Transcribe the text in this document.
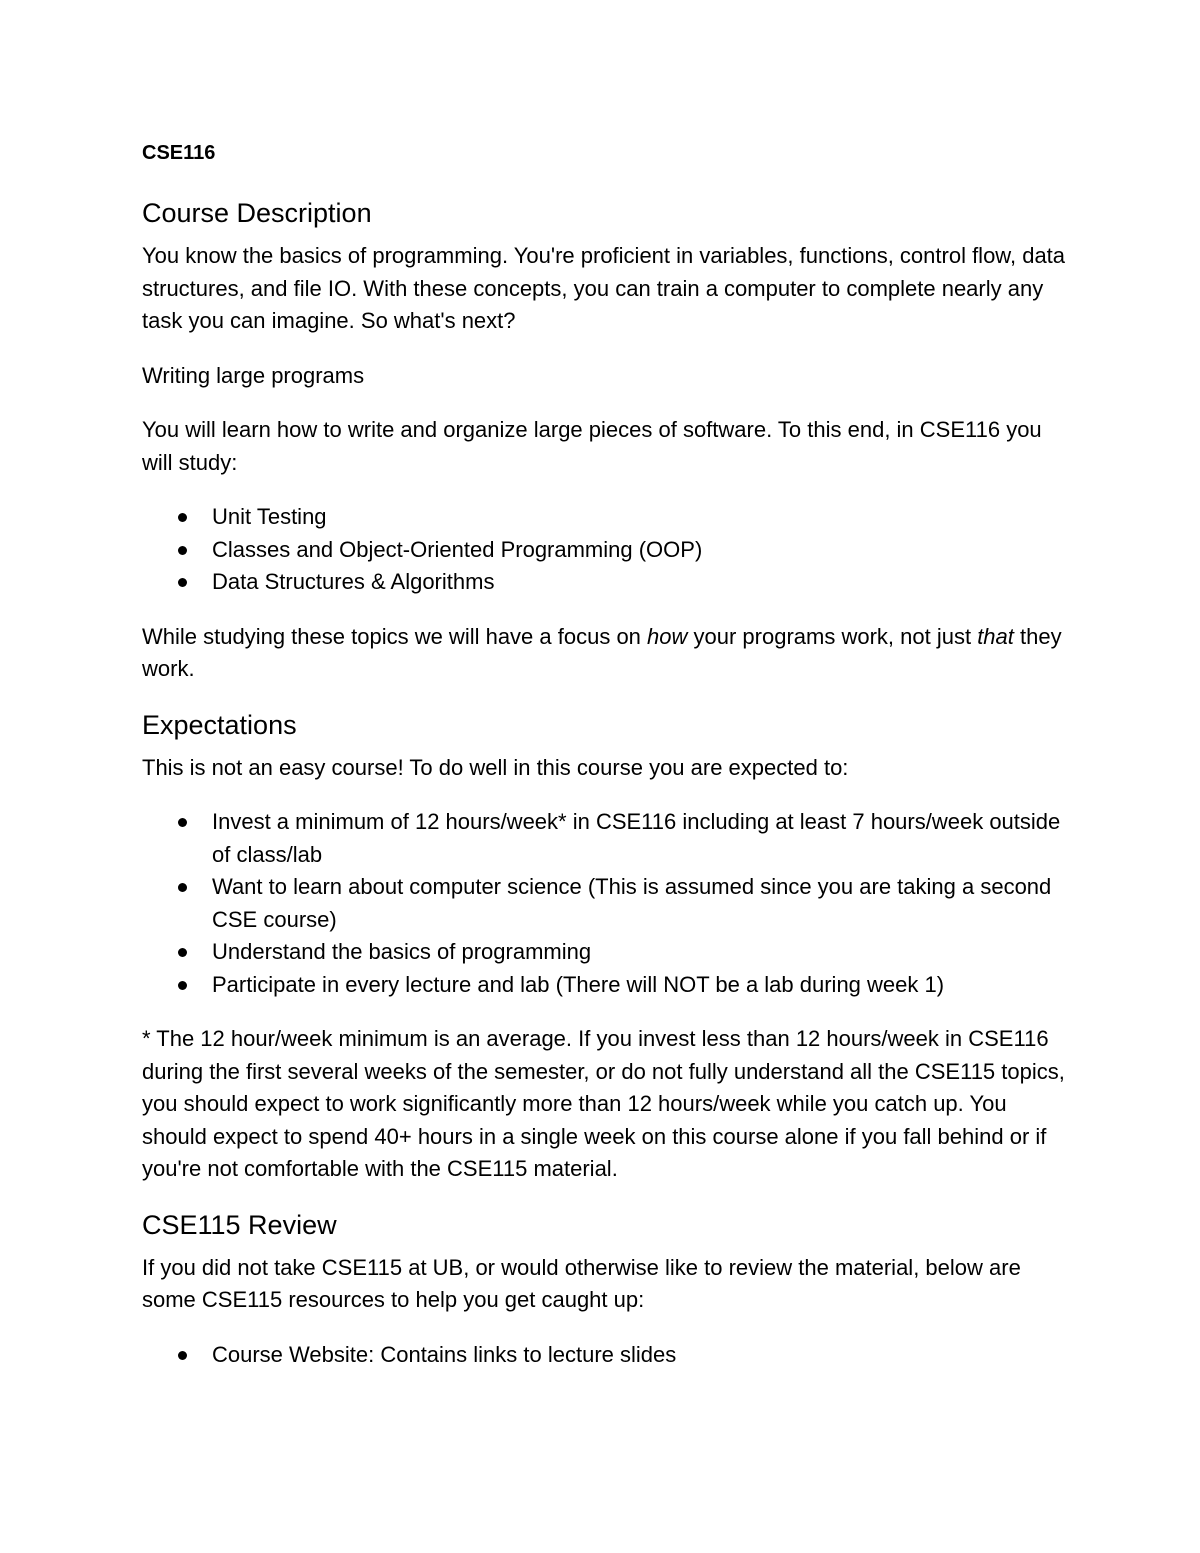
CSE116
Course Description

You know the basics of programming. You're proficient in variables, functions, control flow, data structures, and file IO. With these concepts, you can train a computer to complete nearly any task you can imagine. So what's next?

Writing large programs

You will learn how to write and organize large pieces of software. To this end, in CSE116 you will study:

Unit Testing
Classes and Object-Oriented Programming (OOP)
Data Structures & Algorithms

While studying these topics we will have a focus on how your programs work, not just that they work.

Expectations

This is not an easy course! To do well in this course you are expected to:

Invest a minimum of 12 hours/week* in CSE116 including at least 7 hours/week outside of class/lab
Want to learn about computer science (This is assumed since you are taking a second CSE course)
Understand the basics of programming
Participate in every lecture and lab (There will NOT be a lab during week 1)

* The 12 hour/week minimum is an average. If you invest less than 12 hours/week in CSE116 during the first several weeks of the semester, or do not fully understand all the CSE115 topics, you should expect to work significantly more than 12 hours/week while you catch up. You should expect to spend 40+ hours in a single week on this course alone if you fall behind or if you're not comfortable with the CSE115 material.

CSE115 Review

If you did not take CSE115 at UB, or would otherwise like to review the material, below are some CSE115 resources to help you get caught up:

Course Website: Contains links to lecture slides
